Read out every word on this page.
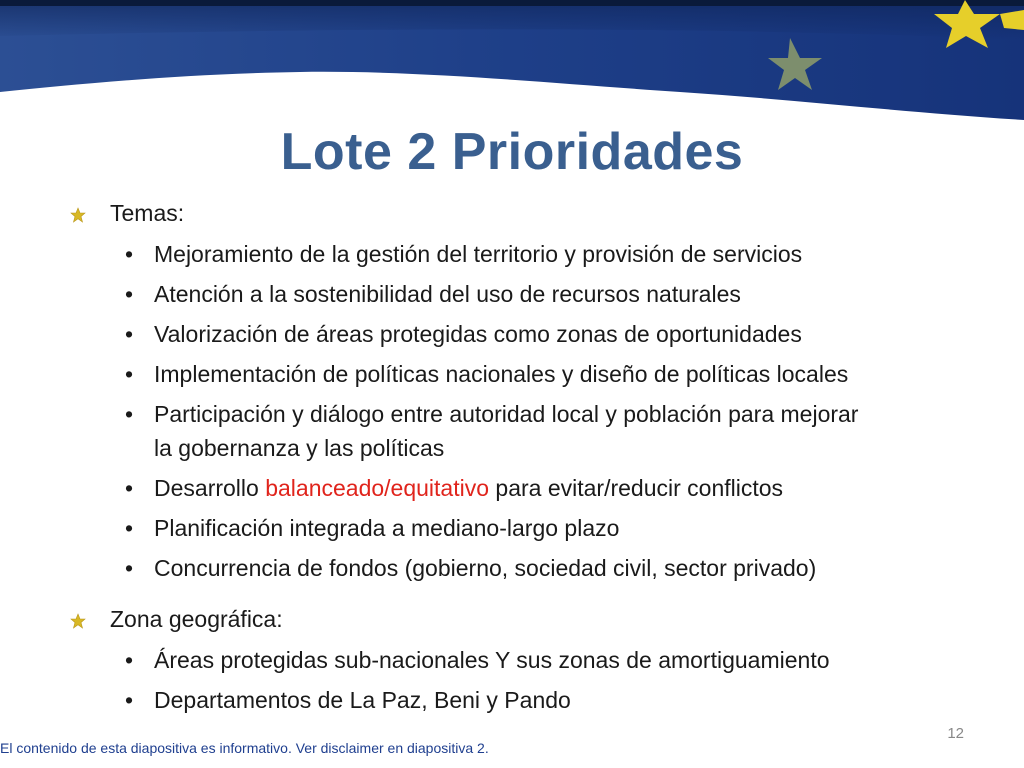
Lote 2 Prioridades
Temas:
• Mejoramiento de la gestión del territorio y provisión de servicios
• Atención a la sostenibilidad del uso de recursos naturales
• Valorización de áreas protegidas como zonas de oportunidades
• Implementación de políticas nacionales y diseño de políticas locales
• Participación y diálogo entre autoridad local y población para mejorar la gobernanza y las políticas
• Desarrollo balanceado/equitativo para evitar/reducir conflictos
• Planificación integrada a mediano-largo plazo
• Concurrencia de fondos (gobierno, sociedad civil, sector privado)
Zona geográfica:
• Áreas protegidas sub-nacionales Y sus zonas de amortiguamiento
• Departamentos de La Paz, Beni y Pando
12
El contenido de esta diapositiva es informativo. Ver disclaimer en diapositiva 2.
